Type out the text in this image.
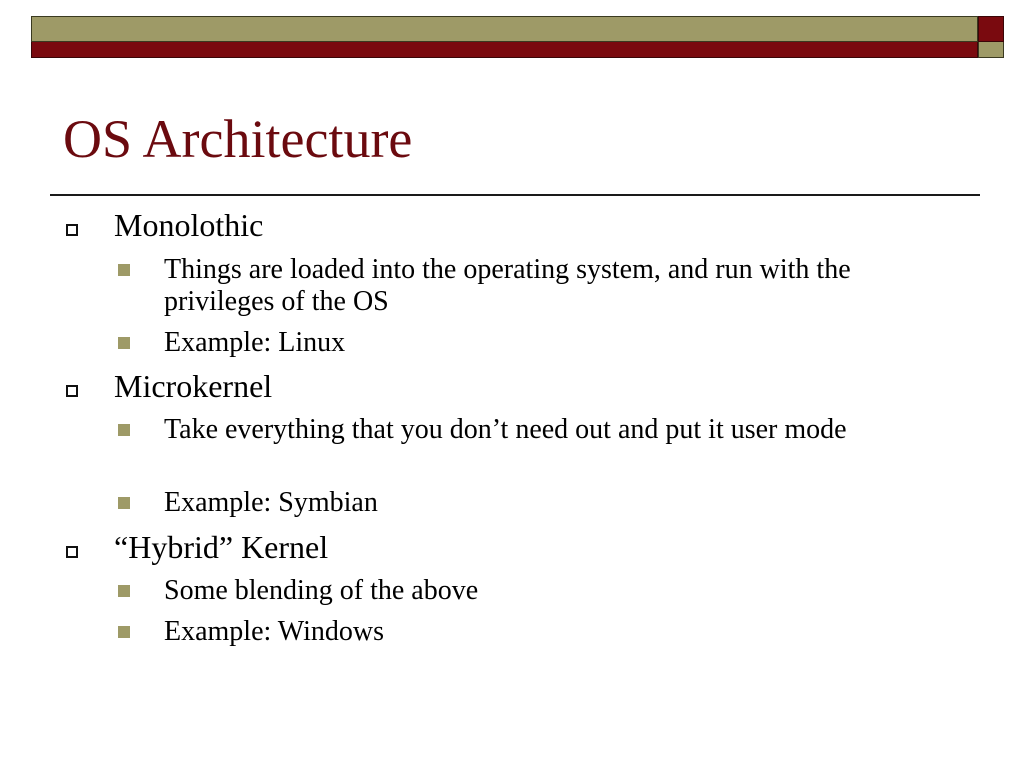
OS Architecture
Monolothic
Things are loaded into the operating system, and run with the privileges of the OS
Example: Linux
Microkernel
Take everything that you don’t need out and put it user mode
Example: Symbian
“Hybrid” Kernel
Some blending of the above
Example: Windows
